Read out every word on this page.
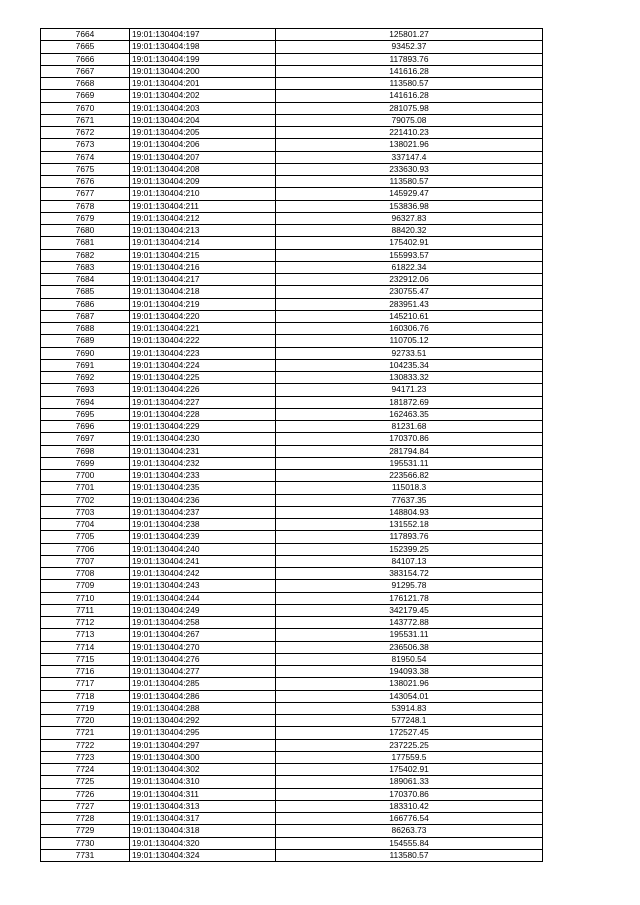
7664	19:01:130404:197	125801.27
7665	19:01:130404:198	93452.37
7666	19:01:130404:199	117893.76
7667	19:01:130404:200	141616.28
7668	19:01:130404:201	113580.57
7669	19:01:130404:202	141616.28
7670	19:01:130404:203	281075.98
7671	19:01:130404:204	79075.08
7672	19:01:130404:205	221410.23
7673	19:01:130404:206	138021.96
7674	19:01:130404:207	337147.4
7675	19:01:130404:208	233630.93
7676	19:01:130404:209	113580.57
7677	19:01:130404:210	145929.47
7678	19:01:130404:211	153836.98
7679	19:01:130404:212	96327.83
7680	19:01:130404:213	88420.32
7681	19:01:130404:214	175402.91
7682	19:01:130404:215	155993.57
7683	19:01:130404:216	61822.34
7684	19:01:130404:217	232912.06
7685	19:01:130404:218	230755.47
7686	19:01:130404:219	283951.43
7687	19:01:130404:220	145210.61
7688	19:01:130404:221	160306.76
7689	19:01:130404:222	110705.12
7690	19:01:130404:223	92733.51
7691	19:01:130404:224	104235.34
7692	19:01:130404:225	130833.32
7693	19:01:130404:226	94171.23
7694	19:01:130404:227	181872.69
7695	19:01:130404:228	162463.35
7696	19:01:130404:229	81231.68
7697	19:01:130404:230	170370.86
7698	19:01:130404:231	281794.84
7699	19:01:130404:232	195531.11
7700	19:01:130404:233	223566.82
7701	19:01:130404:235	115018.3
7702	19:01:130404:236	77637.35
7703	19:01:130404:237	148804.93
7704	19:01:130404:238	131552.18
7705	19:01:130404:239	117893.76
7706	19:01:130404:240	152399.25
7707	19:01:130404:241	84107.13
7708	19:01:130404:242	383154.72
7709	19:01:130404:243	91295.78
7710	19:01:130404:244	176121.78
7711	19:01:130404:249	342179.45
7712	19:01:130404:258	143772.88
7713	19:01:130404:267	195531.11
7714	19:01:130404:270	236506.38
7715	19:01:130404:276	81950.54
7716	19:01:130404:277	194093.38
7717	19:01:130404:285	138021.96
7718	19:01:130404:286	143054.01
7719	19:01:130404:288	53914.83
7720	19:01:130404:292	577248.1
7721	19:01:130404:295	172527.45
7722	19:01:130404:297	237225.25
7723	19:01:130404:300	177559.5
7724	19:01:130404:302	175402.91
7725	19:01:130404:310	189061.33
7726	19:01:130404:311	170370.86
7727	19:01:130404:313	183310.42
7728	19:01:130404:317	166776.54
7729	19:01:130404:318	86263.73
7730	19:01:130404:320	154555.84
7731	19:01:130404:324	113580.57
